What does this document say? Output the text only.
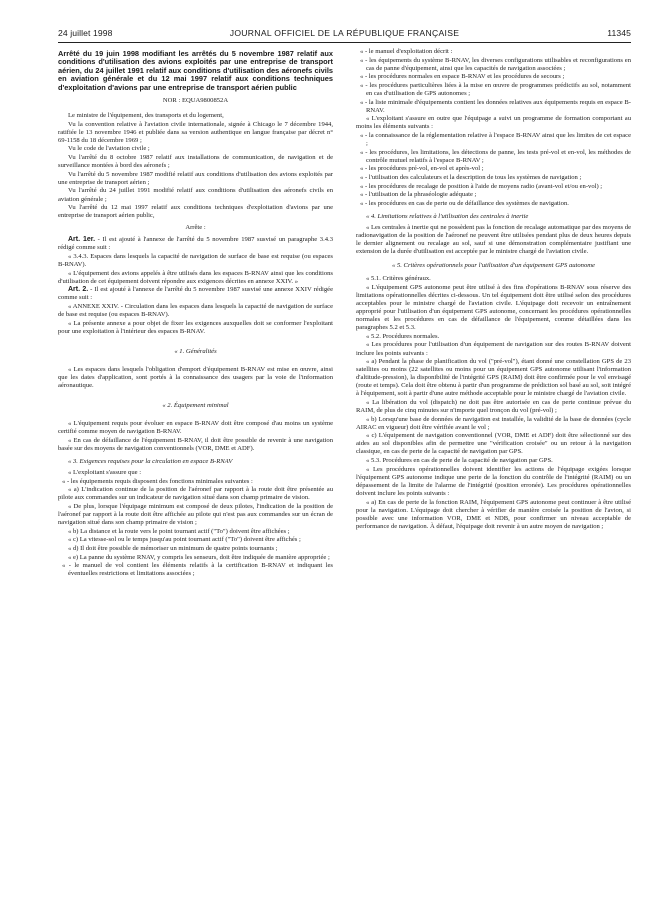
24 juillet 1998	JOURNAL OFFICIEL DE LA RÉPUBLIQUE FRANÇAISE	11345

Arrêté du 19 juin 1998 modifiant les arrêtés du 5 novembre 1987 relatif aux conditions d'utilisation des avions exploités par une entreprise de transport aérien, du 24 juillet 1991 relatif aux conditions d'utilisation des aéronefs civils en aviation générale et du 12 mai 1997 relatif aux conditions techniques d'exploitation d'avions par une entreprise de transport aérien public

NOR : EQUA9800852A

Le ministre de l'équipement, des transports et du logement,

Vu la convention relative à l'aviation civile internationale, signée à Chicago le 7 décembre 1944, ratifiée le 13 novembre 1946 et publiée dans sa version authentique en langue française par décret n° 69-1158 du 18 décembre 1969 ;

Vu le code de l'aviation civile ;

Vu l'arrêté du 8 octobre 1987 relatif aux installations de communication, de navigation et de surveillance montées à bord des aéronefs ;

Vu l'arrêté du 5 novembre 1987 modifié relatif aux conditions d'utilisation des avions exploités par une entreprise de transport aérien ;

Vu l'arrêté du 24 juillet 1991 modifié relatif aux conditions d'utilisation des aéronefs civils en aviation générale ;

Vu l'arrêté du 12 mai 1997 relatif aux conditions techniques d'exploitation d'avions par une entreprise de transport aérien public,

Arrête :

Art. 1er. - Il est ajouté à l'annexe de l'arrêté du 5 novembre 1987 susvisé un paragraphe 3.4.3 rédigé comme suit :

« 3.4.3. Espaces dans lesquels la capacité de navigation de surface de base est requise (ou espaces B-RNAV).

« L'équipement des avions appelés à être utilisés dans les espaces B-RNAV ainsi que les conditions d'utilisation de cet équipement doivent répondre aux exigences décrites en annexe XXIV. »

Art. 2. - Il est ajouté à l'annexe de l'arrêté du 5 novembre 1987 susvisé une annexe XXIV rédigée comme suit :

« ANNEXE XXIV. - Circulation dans les espaces dans lesquels la capacité de navigation de surface de base est requise (ou espaces B-RNAV).

« La présente annexe a pour objet de fixer les exigences auxquelles doit se conformer l'exploitant pour une exploitation à l'intérieur des espaces B-RNAV.

« 1. Généralités

« Les espaces dans lesquels l'obligation d'emport d'équipement B-RNAV est mise en œuvre, ainsi que les dates d'application, sont portés à la connaissance des usagers par la voie de l'information aéronautique.

« 2. Équipement minimal

« L'équipement requis pour évoluer en espace B-RNAV doit être composé d'au moins un système certifié comme moyen de navigation B-RNAV.

« En cas de défaillance de l'équipement B-RNAV, il doit être possible de revenir à une navigation basée sur des moyens de navigation conventionnels (VOR, DME et ADF).

« 3. Exigences requises pour la circulation en espace B-RNAV

« L'exploitant s'assure que :

« - les équipements requis disposent des fonctions minimales suivantes :

« a) L'indication continue de la position de l'aéronef par rapport à la route doit être présentée au pilote aux commandes sur un indicateur de navigation situé dans son champ primaire de vision.

« De plus, lorsque l'équipage minimum est composé de deux pilotes, l'indication de la position de l'aéronef par rapport à la route doit être affichée au pilote qui n'est pas aux commandes sur un écran de navigation situé dans son champ primaire de vision ;

« b) La distance et la route vers le point tournant actif ("To") doivent être affichées ;

« c) La vitesse-sol ou le temps jusqu'au point tournant actif ("To") doivent être affichés ;

« d) Il doit être possible de mémoriser un minimum de quatre points tournants ;

« e) La panne du système RNAV, y compris les senseurs, doit être indiquée de manière appropriée ;

« - le manuel de vol contient les éléments relatifs à la certification B-RNAV et indiquant les éventuelles restrictions et limitations associées ;

« - le manuel d'exploitation décrit :

« - les équipements du système B-RNAV, les diverses configurations utilisables et reconfigurations en cas de panne d'équipement, ainsi que les capacités de navigation associées ;

« - les procédures normales en espace B-RNAV et les procédures de secours ;

« - les procédures particulières liées à la mise en œuvre de programmes prédictifs au sol, notamment en cas d'utilisation de GPS autonomes ;

« - la liste minimale d'équipements contient les données relatives aux équipements requis en espace B-RNAV.

« L'exploitant s'assure en outre que l'équipage a suivi un programme de formation comportant au moins les éléments suivants :

« - la connaissance de la réglementation relative à l'espace B-RNAV ainsi que les limites de cet espace ;

« - les procédures, les limitations, les détections de panne, les tests pré-vol et en-vol, les méthodes de contrôle mutuel relatifs à l'espace B-RNAV ;

« - les procédures pré-vol, en-vol et après-vol ;

« - l'utilisation des calculateurs et la description de tous les systèmes de navigation ;

« - les procédures de recalage de position à l'aide de moyens radio (avant-vol et/ou en-vol) ;

« - l'utilisation de la phraséologie adéquate ;

« - les procédures en cas de perte ou de défaillance des systèmes de navigation.

« 4. Limitations relatives à l'utilisation des centrales à inertie

« Les centrales à inertie qui ne possèdent pas la fonction de recalage automatique par des moyens de radionavigation de la position de l'aéronef ne peuvent être utilisées pendant plus de deux heures depuis le dernier alignement ou recalage au sol, sauf si une démonstration complémentaire justifiant une extension de la durée d'utilisation est acceptée par le ministre chargé de l'aviation civile.

« 5. Critères opérationnels pour l'utilisation d'un équipement GPS autonome

« 5.1. Critères généraux.

« L'équipement GPS autonome peut être utilisé à des fins d'opérations B-RNAV sous réserve des limitations opérationnelles décrites ci-dessous. Un tel équipement doit être utilisé selon des procédures acceptables pour le ministre chargé de l'aviation civile. L'équipage doit recevoir un entraînement approprié pour l'utilisation d'un équipement GPS autonome, concernant les procédures opérationnelles normales et les procédures en cas de défaillance de l'équipement, comme détaillées dans les paragraphes 5.2 et 5.3.

« 5.2. Procédures normales.

« Les procédures pour l'utilisation d'un équipement de navigation sur des routes B-RNAV doivent inclure les points suivants :

« a) Pendant la phase de planification du vol ("pré-vol"), étant donné une constellation GPS de 23 satellites ou moins (22 satellites ou moins pour un équipement GPS autonome utilisant l'information d'altitude-pression), la disponibilité de l'intégrité GPS (RAIM) doit être confirmée pour le vol envisagé (route et temps). Cela doit être obtenu à partir d'un programme de prédiction sol basé au sol, soit intégré à l'équipement, soit à partir d'une autre méthode acceptable pour le ministre chargé de l'aviation civile.

« La libération du vol (dispatch) ne doit pas être autorisée en cas de perte continue prévue du RAIM, de plus de cinq minutes sur n'importe quel tronçon du vol (pré-vol) ;

« b) Lorsqu'une base de données de navigation est installée, la validité de la base de données (cycle AIRAC en vigueur) doit être vérifiée avant le vol ;

« c) L'équipement de navigation conventionnel (VOR, DME et ADF) doit être sélectionné sur des aides au sol disponibles afin de permettre une "vérification croisée" ou un retour à la navigation classique, en cas de perte de la capacité de navigation par GPS.

« 5.3. Procédures en cas de perte de la capacité de navigation par GPS.

« Les procédures opérationnelles doivent identifier les actions de l'équipage exigées lorsque l'équipement GPS autonome indique une perte de la fonction du contrôle de l'intégrité (RAIM) ou un dépassement de la limite de l'alarme de l'intégrité (position erronée). Les procédures opérationnelles doivent inclure les points suivants :

« a) En cas de perte de la fonction RAIM, l'équipement GPS autonome peut continuer à être utilisé pour la navigation. L'équipage doit chercher à vérifier de manière croisée la position de l'avion, si possible avec une information VOR, DME et NDB, pour confirmer un niveau acceptable de performance de navigation. À défaut, l'équipage doit revenir à un autre moyen de navigation ;
